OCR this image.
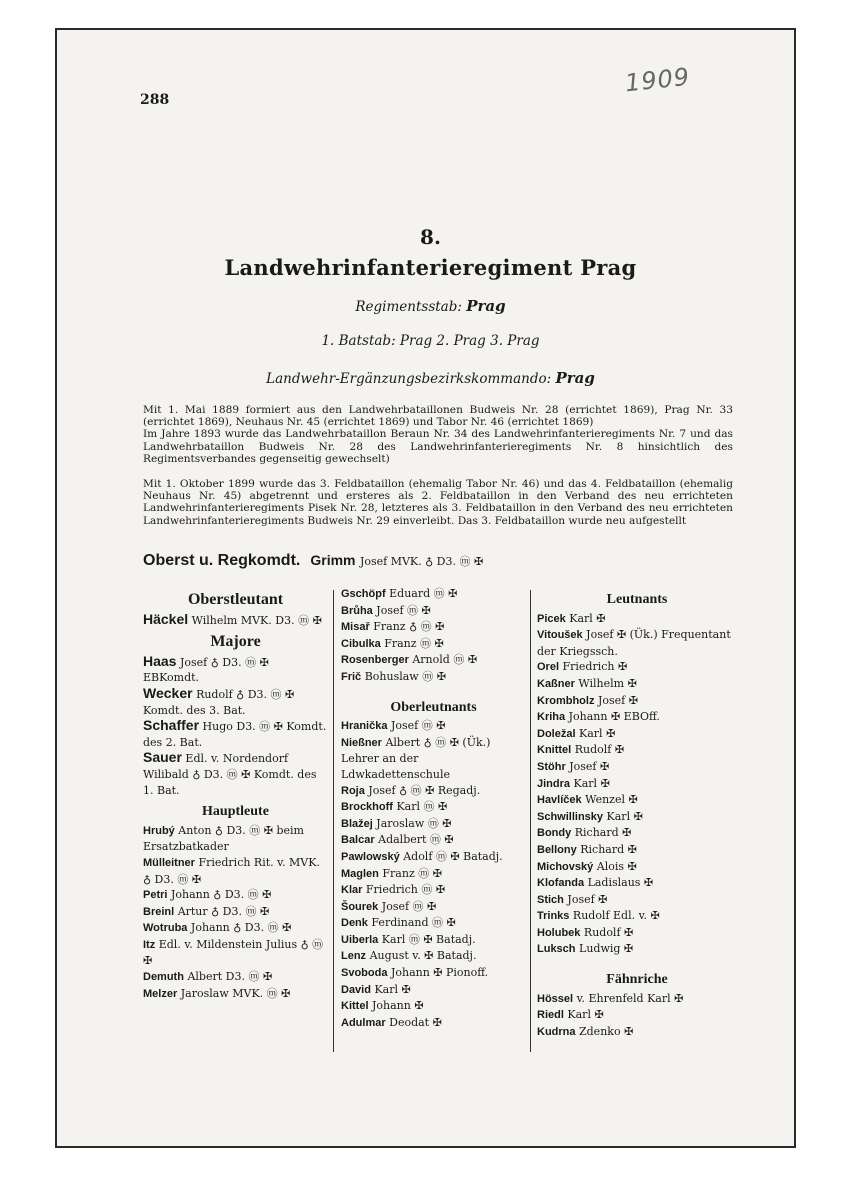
288
1909
8.
Landwehrinfanterieregiment Prag
Regimentsstab: Prag
1. Batstab: Prag 2. Prag 3. Prag
Landwehr-Ergänzungsbezirkskommando: Prag
Mit 1. Mai 1889 formiert aus den Landwehrbataillonen Budweis Nr. 28 (errichtet 1869), Prag Nr. 33 (errichtet 1869), Neuhaus Nr. 45 (errichtet 1869) und Tabor Nr. 46 (errichtet 1869)
Im Jahre 1893 wurde das Landwehrbataillon Beraun Nr. 34 des Landwehrinfanterieregiments Nr. 7 und das Landwehrbataillon Budweis Nr. 28 des Landwehrinfanterieregiments Nr. 8 hinsichtlich des Regimentsverbandes gegenseitig gewechselt)
Mit 1. Oktober 1899 wurde das 3. Feldbataillon (ehemalig Tabor Nr. 46) und das 4. Feldbataillon (ehemalig Neuhaus Nr. 45) abgetrennt und ersteres als 2. Feldbataillon in den Verband des neu errichteten Landwehrinfanterieregiments Pisek Nr. 28, letzteres als 3. Feldbataillon in den Verband des neu errichteten Landwehrinfanterieregiments Budweis Nr. 29 einverleibt. Das 3. Feldbataillon wurde neu aufgestellt
Oberst u. Regkomdt. Grimm Josef MVK. ♁ D3. ⓜ ✠
Oberstleutant
Häckel Wilhelm MVK. D3. ⓜ ✠
Majore
Haas Josef ♁ D3. ⓜ ✠ EBKomdt.
Wecker Rudolf ♁ D3. ⓜ ✠ Komdt. des 3. Bat.
Schaffer Hugo D3. ⓜ ✠ Komdt. des 2. Bat.
Sauer Edl. v. Nordendorf Wilibald ♁ D3. ⓜ ✠ Komdt. des 1. Bat.
Hauptleute
Hrubý Anton ♁ D3. ⓜ ✠ beim Ersatzbatkader
Mülleitner Friedrich Rit. v. MVK. ♁ D3. ⓜ ✠
Petri Johann ♁ D3. ⓜ ✠
Breinl Artur ♁ D3. ⓜ ✠
Wotruba Johann ♁ D3. ⓜ ✠
Itz Edl. v. Mildenstein Julius ♁ ⓜ ✠
Demuth Albert D3. ⓜ ✠
Melzer Jaroslaw MVK. ⓜ ✠
Gschöpf Eduard ⓜ ✠
Brůha Josef ⓜ ✠
Misař Franz ♁ ⓜ ✠
Cibulka Franz ⓜ ✠
Rosenberger Arnold ⓜ ✠
Frič Bohuslaw ⓜ ✠
Oberleutnants
Hranička Josef ⓜ ✠
Nießner Albert ♁ ⓜ ✠ (Ük.) Lehrer an der Ldwkadettenschule
Roja Josef ♁ ⓜ ✠ Regadj.
Brockhoff Karl ⓜ ✠
Blažej Jaroslaw ⓜ ✠
Balcar Adalbert ⓜ ✠
Pawlowský Adolf ⓜ ✠ Batadj.
Maglen Franz ⓜ ✠
Klar Friedrich ⓜ ✠
Šourek Josef ⓜ ✠
Denk Ferdinand ⓜ ✠
Uiberla Karl ⓜ ✠ Batadj.
Lenz August v. ✠ Batadj.
Svoboda Johann ✠ Pionoff.
David Karl ✠
Kittel Johann ✠
Adulmar Deodat ✠
Leutnants
Picek Karl ✠
Vitoušek Josef ✠ (Ük.) Frequentant der Kriegssch.
Orel Friedrich ✠
Kaßner Wilhelm ✠
Krombholz Josef ✠
Kriha Johann ✠ EBOff.
Doležal Karl ✠
Knittel Rudolf ✠
Stöhr Josef ✠
Jindra Karl ✠
Havlíček Wenzel ✠
Schwillinsky Karl ✠
Bondy Richard ✠
Bellony Richard ✠
Michovský Alois ✠
Klofanda Ladislaus ✠
Stich Josef ✠
Trinks Rudolf Edl. v. ✠
Holubek Rudolf ✠
Luksch Ludwig ✠
Fähnriche
Hössel v. Ehrenfeld Karl ✠
Riedl Karl ✠
Kudrna Zdenko ✠
